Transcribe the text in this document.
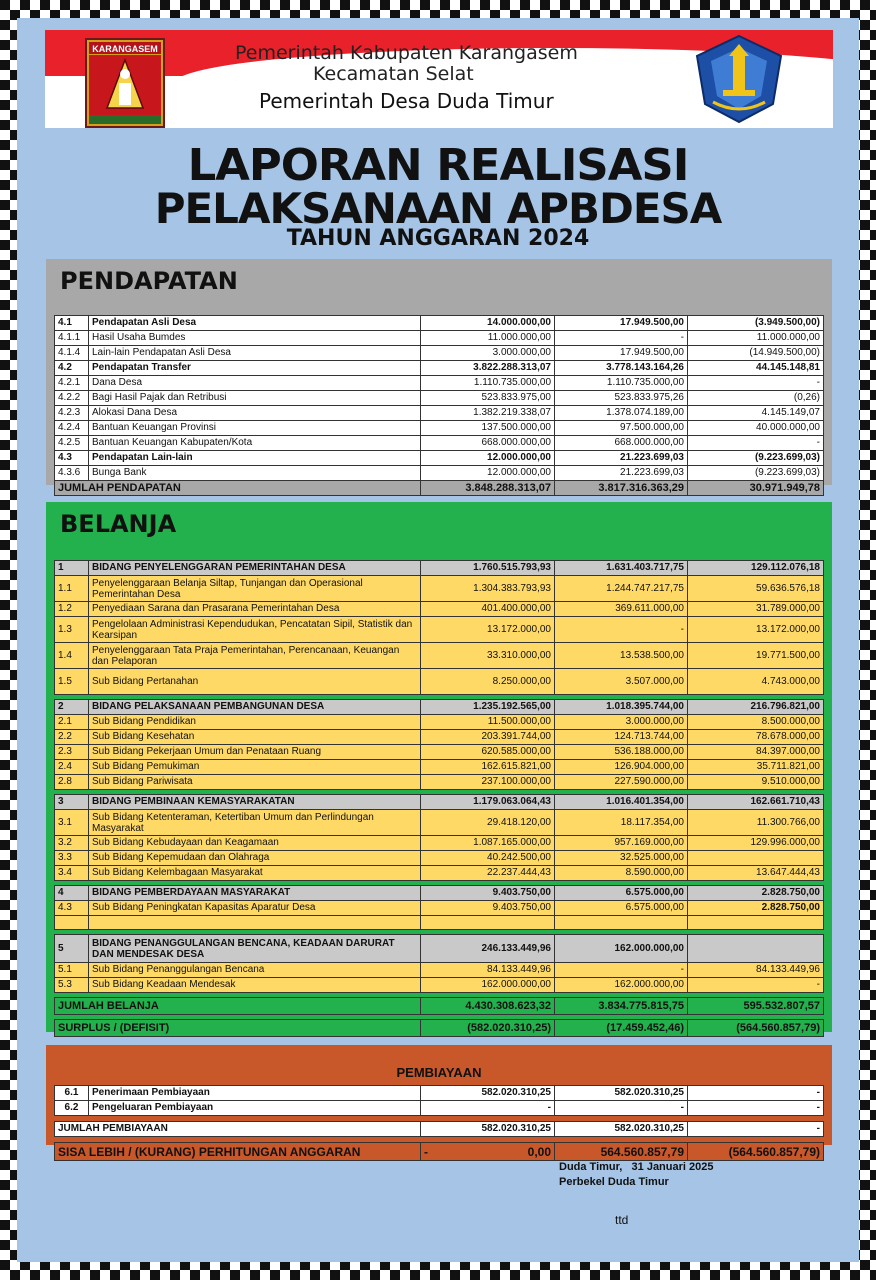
Pemerintah Kabupaten Karangasem
Kecamatan Selat
Pemerintah Desa Duda Timur
KARANGASEM
LAPORAN REALISASI
PELAKSANAAN APBDESA
TAHUN ANGGARAN 2024
PENDAPATAN
4.1	Pendapatan Asli Desa	14.000.000,00	17.949.500,00	(3.949.500,00)
4.1.1	Hasil Usaha Bumdes	11.000.000,00	-	11.000.000,00
4.1.4	Lain-lain Pendapatan Asli Desa	3.000.000,00	17.949.500,00	(14.949.500,00)
4.2	Pendapatan Transfer	3.822.288.313,07	3.778.143.164,26	44.145.148,81
4.2.1	Dana Desa	1.110.735.000,00	1.110.735.000,00	-
4.2.2	Bagi Hasil Pajak dan Retribusi	523.833.975,00	523.833.975,26	(0,26)
4.2.3	Alokasi Dana Desa	1.382.219.338,07	1.378.074.189,00	4.145.149,07
4.2.4	Bantuan Keuangan Provinsi	137.500.000,00	97.500.000,00	40.000.000,00
4.2.5	Bantuan Keuangan Kabupaten/Kota	668.000.000,00	668.000.000,00	-
4.3	Pendapatan Lain-lain	12.000.000,00	21.223.699,03	(9.223.699,03)
4.3.6	Bunga Bank	12.000.000,00	21.223.699,03	(9.223.699,03)
JUMLAH PENDAPATAN		3.848.288.313,07	3.817.316.363,29	30.971.949,78
BELANJA
1	BIDANG PENYELENGGARAN PEMERINTAHAN DESA	1.760.515.793,93	1.631.403.717,75	129.112.076,18
1.1	Penyelenggaraan Belanja Siltap, Tunjangan dan Operasional Pemerintahan Desa	1.304.383.793,93	1.244.747.217,75	59.636.576,18
1.2	Penyediaan Sarana dan Prasarana Pemerintahan Desa	401.400.000,00	369.611.000,00	31.789.000,00
1.3	Pengelolaan Administrasi Kependudukan, Pencatatan Sipil, Statistik dan Kearsipan	13.172.000,00	-	13.172.000,00
1.4	Penyelenggaraan Tata Praja Pemerintahan, Perencanaan, Keuangan dan Pelaporan	33.310.000,00	13.538.500,00	19.771.500,00
1.5	Sub Bidang Pertanahan	8.250.000,00	3.507.000,00	4.743.000,00

2	BIDANG PELAKSANAAN PEMBANGUNAN DESA	1.235.192.565,00	1.018.395.744,00	216.796.821,00
2.1	Sub Bidang Pendidikan	11.500.000,00	3.000.000,00	8.500.000,00
2.2	Sub Bidang Kesehatan	203.391.744,00	124.713.744,00	78.678.000,00
2.3	Sub Bidang Pekerjaan Umum dan Penataan Ruang	620.585.000,00	536.188.000,00	84.397.000,00
2.4	Sub Bidang Pemukiman	162.615.821,00	126.904.000,00	35.711.821,00
2.8	Sub Bidang Pariwisata	237.100.000,00	227.590.000,00	9.510.000,00

3	BIDANG PEMBINAAN KEMASYARAKATAN	1.179.063.064,43	1.016.401.354,00	162.661.710,43
3.1	Sub Bidang Ketenteraman, Ketertiban Umum dan Perlindungan Masyarakat	29.418.120,00	18.117.354,00	11.300.766,00
3.2	Sub Bidang Kebudayaan dan Keagamaan	1.087.165.000,00	957.169.000,00	129.996.000,00
3.3	Sub Bidang Kepemudaan dan Olahraga	40.242.500,00	32.525.000,00	
3.4	Sub Bidang Kelembagaan Masyarakat	22.237.444,43	8.590.000,00	13.647.444,43

4	BIDANG PEMBERDAYAAN MASYARAKAT	9.403.750,00	6.575.000,00	2.828.750,00
4.3	Sub Bidang Peningkatan Kapasitas Aparatur Desa	9.403.750,00	6.575.000,00	2.828.750,00

5	BIDANG PENANGGULANGAN BENCANA, KEADAAN DARURAT DAN MENDESAK DESA	246.133.449,96	162.000.000,00	
5.1	Sub Bidang Penanggulangan Bencana	84.133.449,96	-	84.133.449,96
5.3	Sub Bidang Keadaan Mendesak	162.000.000,00	162.000.000,00	-

JUMLAH BELANJA		4.430.308.623,32	3.834.775.815,75	595.532.807,57

SURPLUS / (DEFISIT)		(582.020.310,25)	(17.459.452,46)	(564.560.857,79)
PEMBIAYAAN
6.1	Penerimaan Pembiayaan	582.020.310,25	582.020.310,25	-
6.2	Pengeluaran Pembiayaan	-	-	-

JUMLAH PEMBIAYAAN		582.020.310,25	582.020.310,25	-

SISA LEBIH / (KURANG) PERHITUNGAN ANGGARAN		- 0,00	564.560.857,79	(564.560.857,79)
Duda Timur,   31 Januari 2025
Perbekel Duda Timur
ttd
